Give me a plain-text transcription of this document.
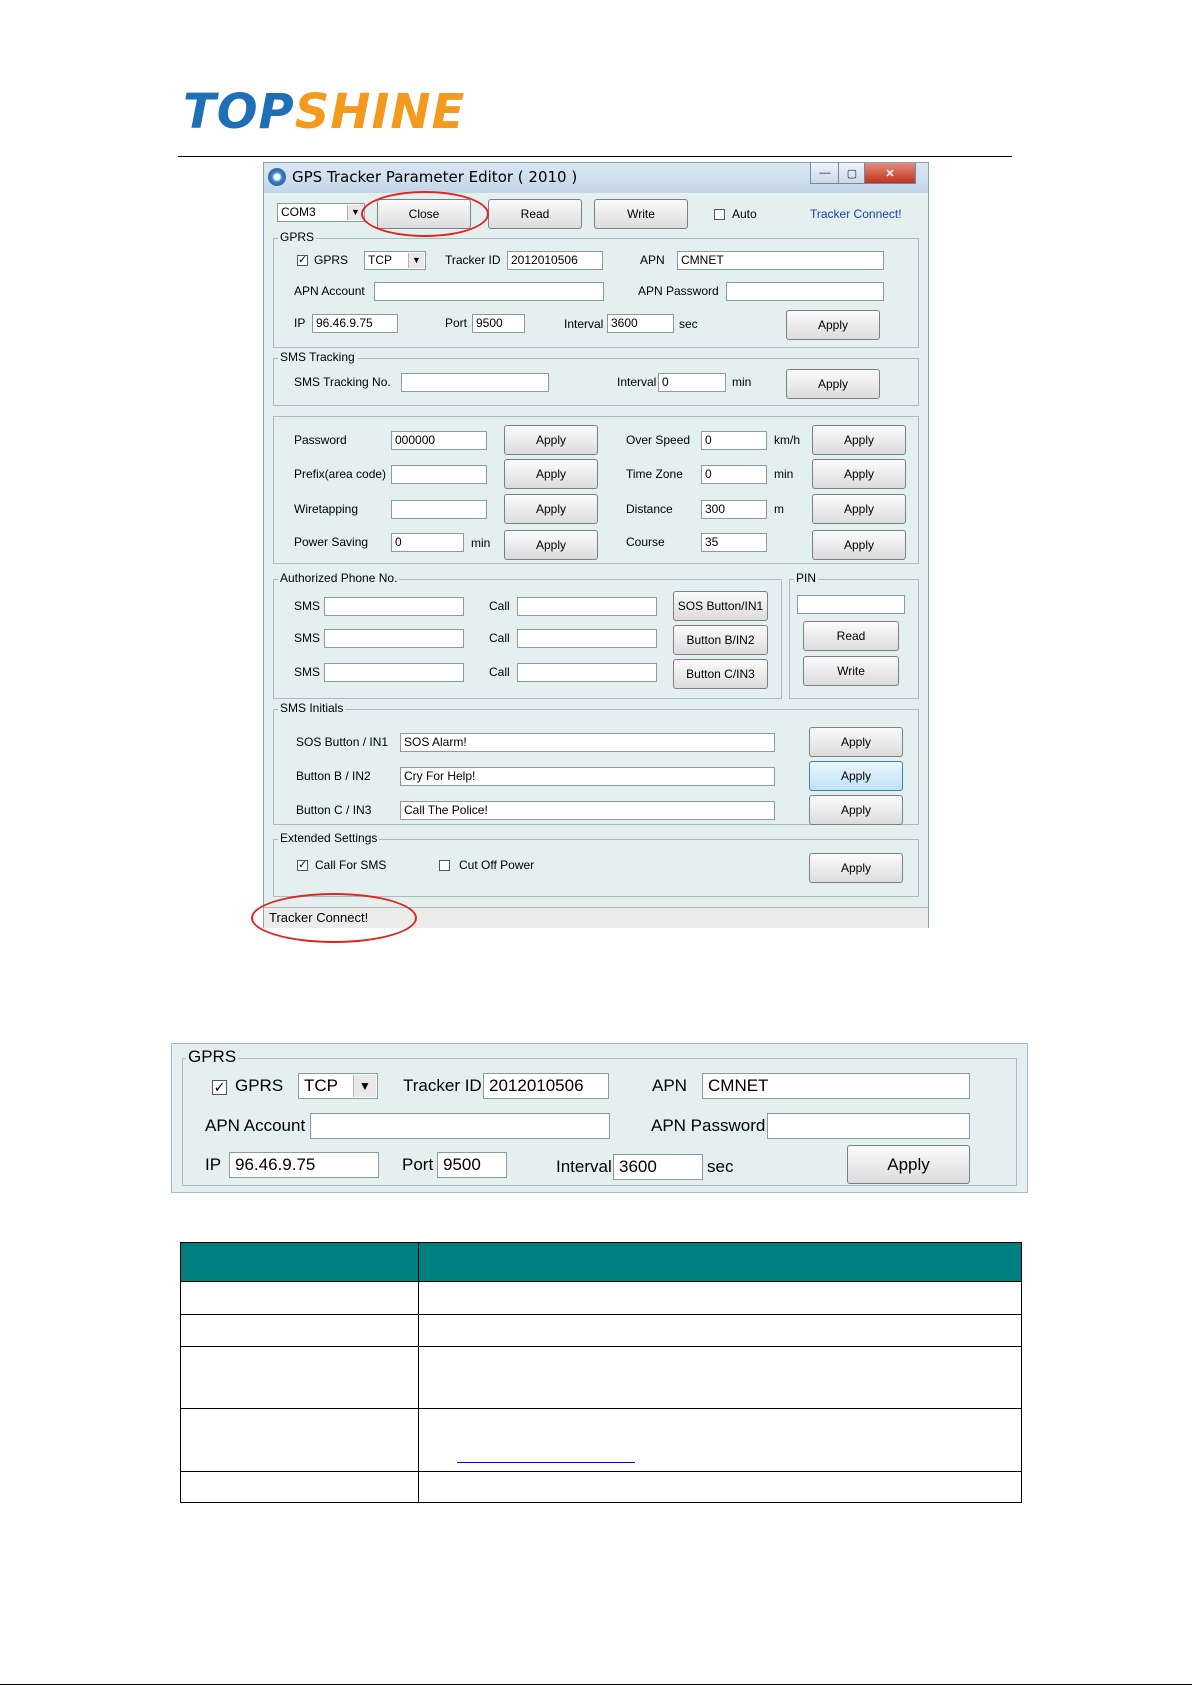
TOPSHINE
GPS Tracker Parameter Editor ( 2010 )	—	▢	✕
COM3	▼	Close	Read	Write	Auto	Tracker Connect!
GPRS
✓ GPRS	TCP	▼ Tracker ID 2012010506	APN	CMNET
APN Account	APN Password
IP 96.46.9.75	Port 9500	Interval 3600	sec	Apply
SMS Tracking
SMS Tracking No.	Interval 0	min	Apply
Password	000000	Apply
Prefix(area code)	Apply
Wiretapping	Apply
Power Saving	0	min	Apply
Over Speed	0	km/h	Apply
Time Zone	0	min	Apply
Distance	300	m	Apply
Course	35	Apply
Authorized Phone No.
SMS	Call	SOS Button/IN1
SMS	Call	Button B/IN2
SMS	Call	Button C/IN3
PIN
Read
Write
SMS Initials
SOS Button / IN1	SOS Alarm!	Apply
Button B / IN2	Cry For Help!	Apply
Button C / IN3	Call The Police!	Apply
Extended Settings
✓ Call For SMS	Cut Off Power	Apply
Tracker Connect!
GPRS
✓ GPRS	TCP	▼ Tracker ID 2012010506	APN	CMNET
APN Account	APN Password
IP 96.46.9.75	Port 9500	Interval 3600	sec	Apply
